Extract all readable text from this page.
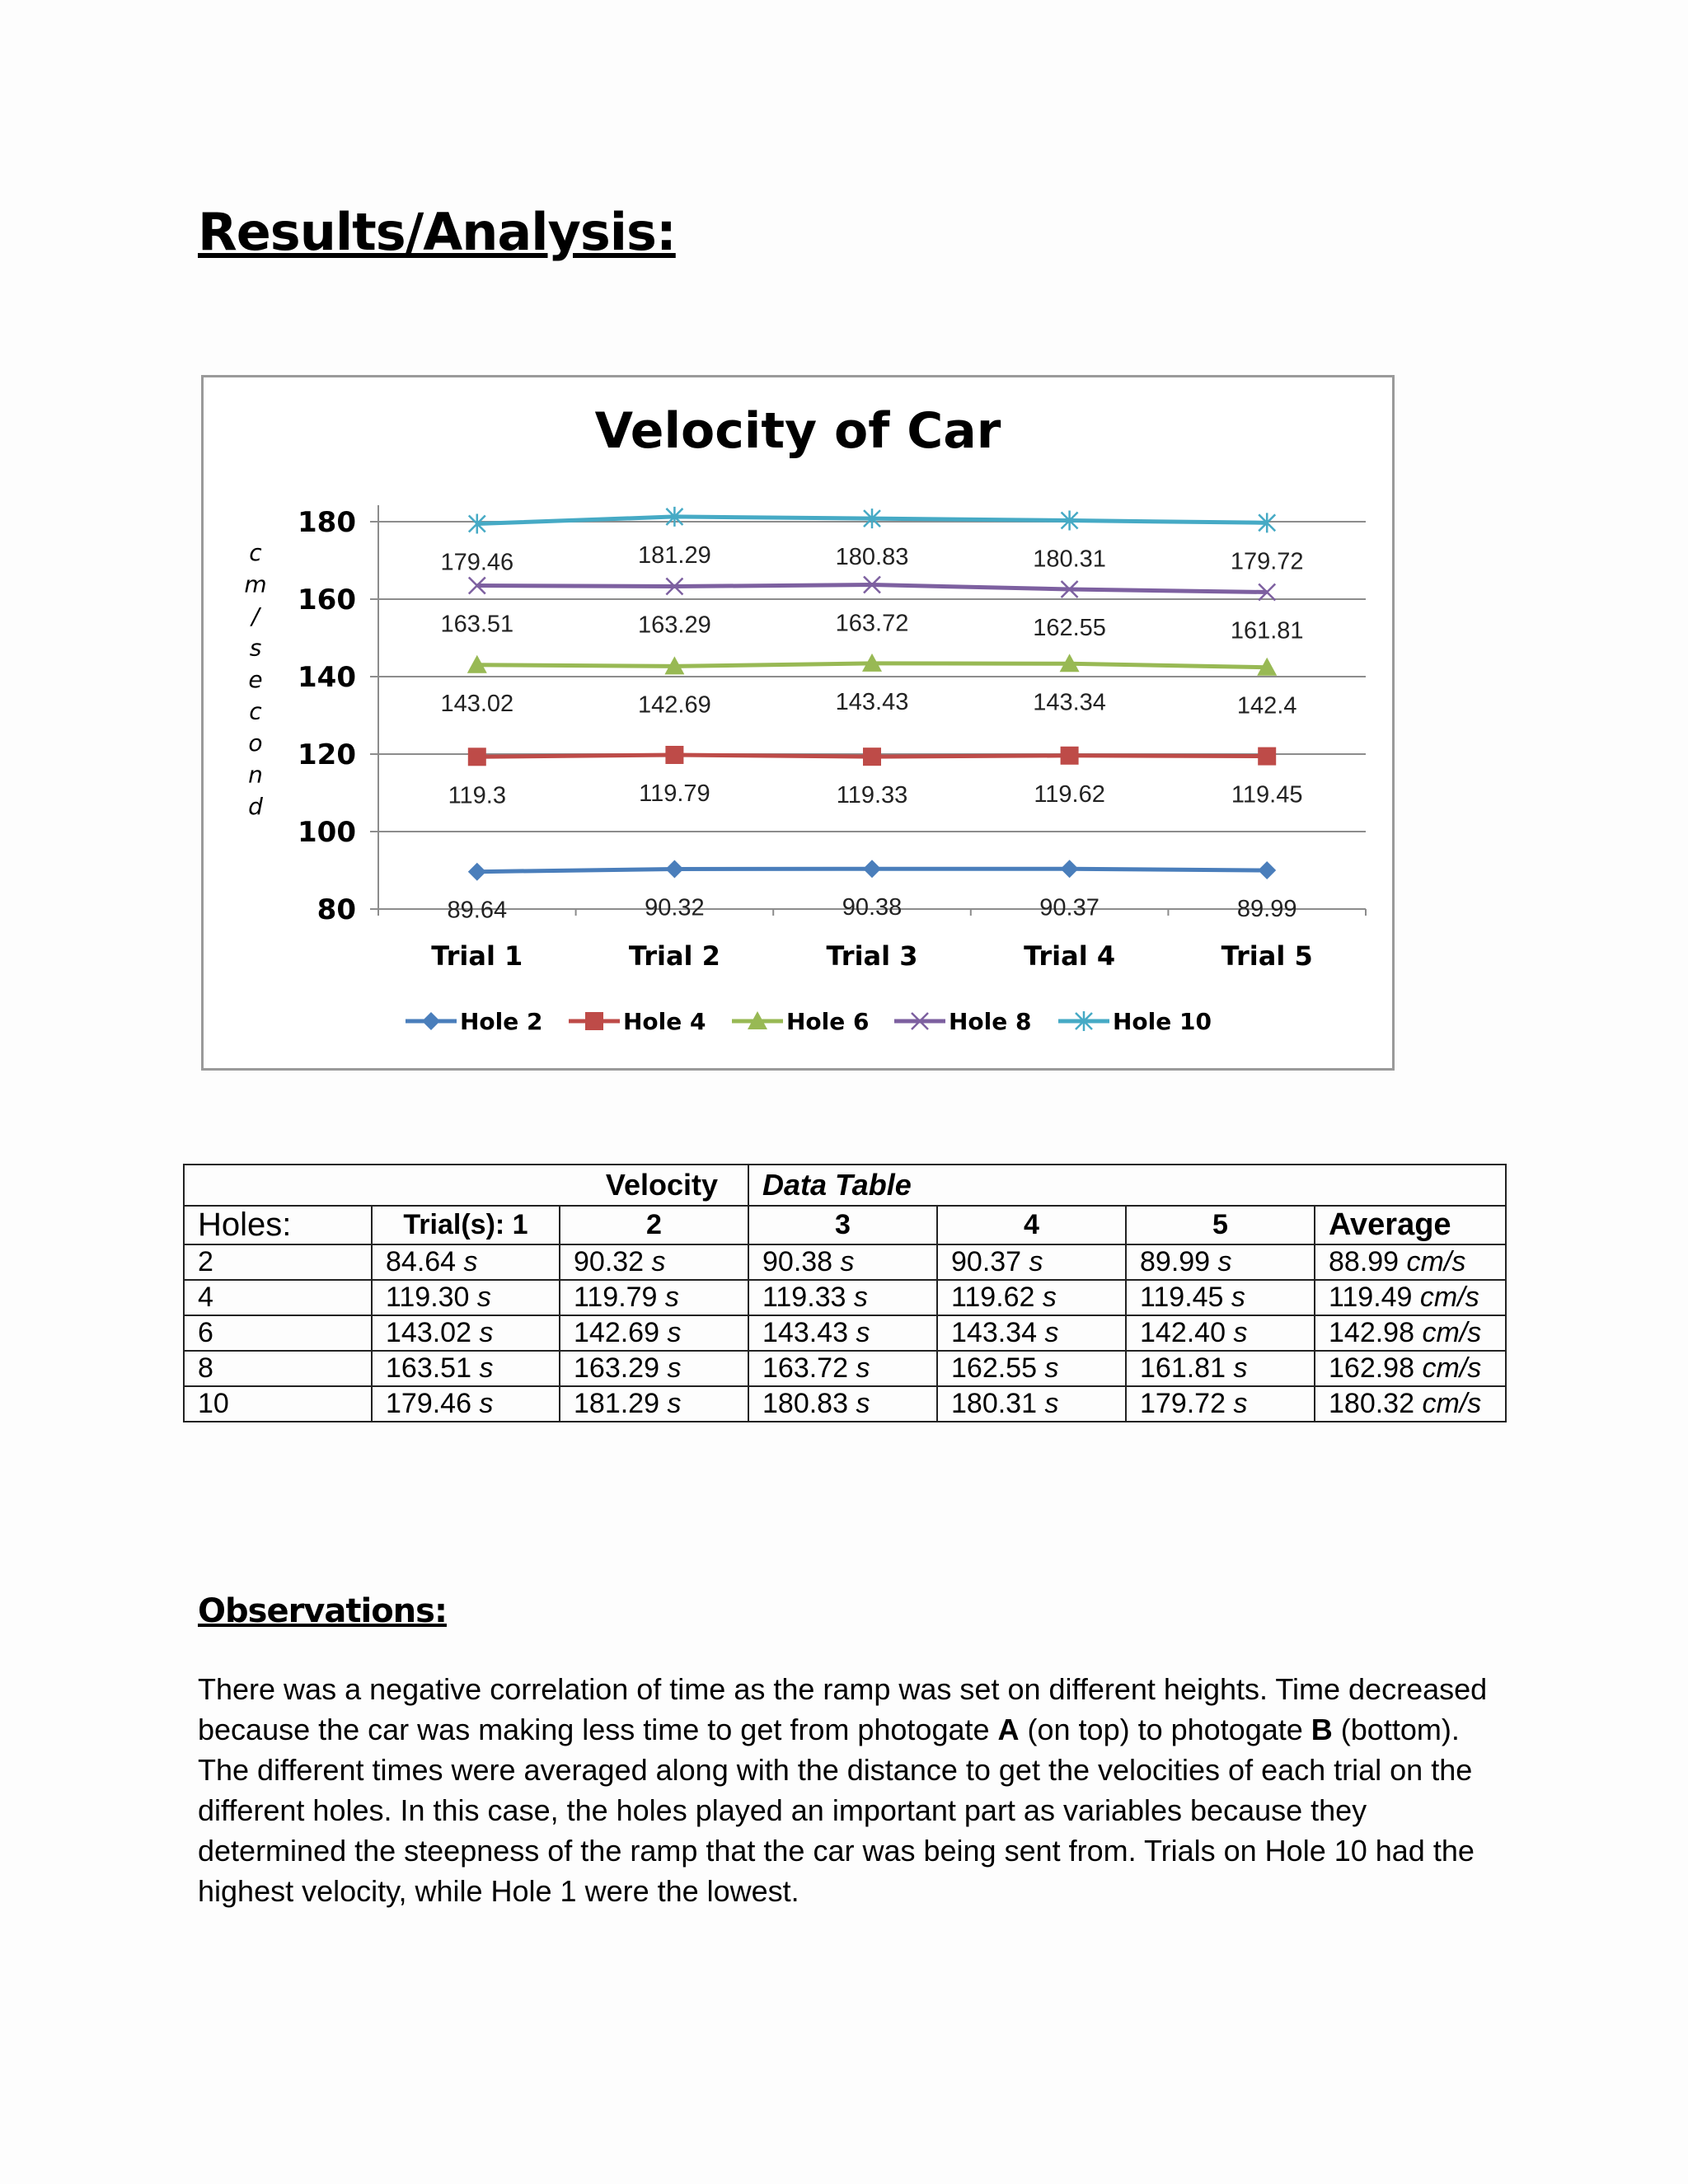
Results/Analysis:
Velocity of Car
80
100
120
140
160
180
Trial 1	Trial 2	Trial 3	Trial 4	Trial 5
c
m
/
s
e
c
o
n
d
89.64	90.32	90.38	90.37	89.99
119.3	119.79	119.33	119.62	119.45
143.02	142.69	143.43	143.34	142.4
163.51	163.29	163.72	162.55	161.81
179.46	181.29	180.83	180.31	179.72
Hole 2	Hole 4	Hole 6	Hole 8	Hole 10
Velocity			Data Table			
Holes:	Trial(s): 1	2	3	4	5	Average
2	84.64 s	90.32 s	90.38 s	90.37 s	89.99 s	88.99 cm/s
4	119.30 s	119.79 s	119.33 s	119.62 s	119.45 s	119.49 cm/s
6	143.02 s	142.69 s	143.43 s	143.34 s	142.40 s	142.98 cm/s
8	163.51 s	163.29 s	163.72 s	162.55 s	161.81 s	162.98 cm/s
10	179.46 s	181.29 s	180.83 s	180.31 s	179.72 s	180.32 cm/s
Observations:

There was a negative correlation of time as the ramp was set on different heights. Time decreased because the car was making less time to get from photogate A (on top) to photogate B (bottom). The different times were averaged along with the distance to get the velocities of each trial on the different holes. In this case, the holes played an important part as variables because they determined the steepness of the ramp that the car was being sent from. Trials on Hole 10 had the highest velocity, while Hole 1 were the lowest.
